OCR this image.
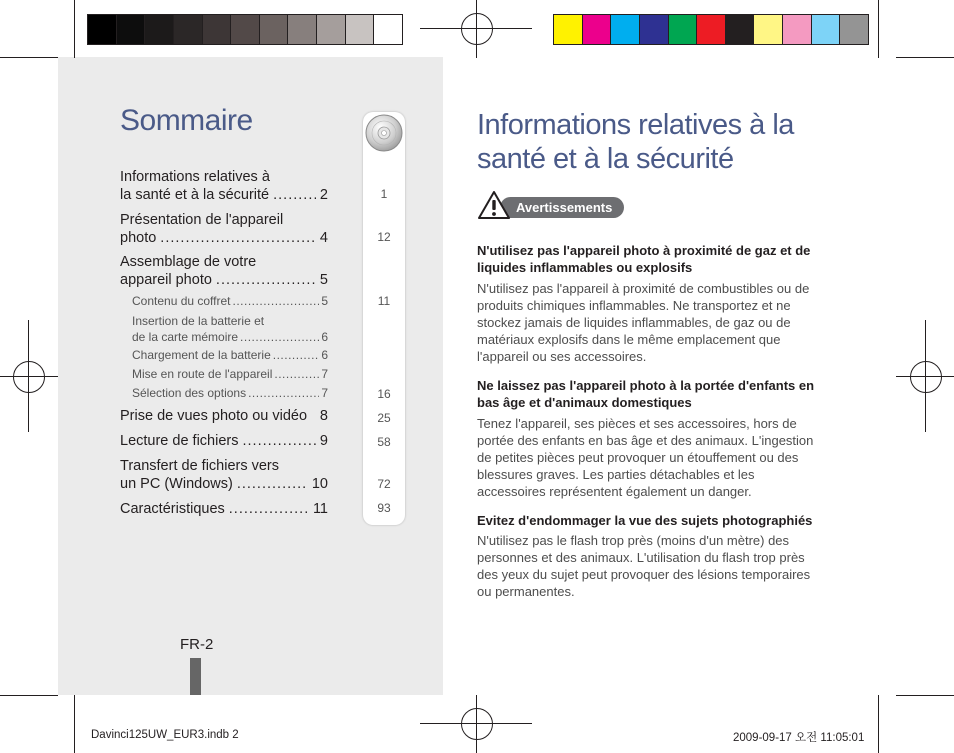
Sommaire
Informations relatives à
la santé et à la sécurité .....	2
Présentation de l'appareil
photo .....	4
Assemblage de votre
appareil photo .....	5
Contenu du coffret .....	5
Insertion de la batterie et
de la carte mémoire .....	6
Chargement de la batterie .....	6
Mise en route de l'appareil .....	7
Sélection des options .....	7
Prise de vues photo ou vidéo 8
Lecture de fichiers .....	9
Transfert de fichiers vers
un PC (Windows) .....	10
Caractéristiques .....	11
1
12
11
16
25
58
72
93
FR-2
Informations relatives à la santé et à la sécurité
Avertissements
N'utilisez pas l'appareil photo à proximité de gaz et de liquides inflammables ou explosifs
N'utilisez pas l'appareil à proximité de combustibles ou de produits chimiques inflammables. Ne transportez et ne stockez jamais de liquides inflammables, de gaz ou de matériaux explosifs dans le même emplacement que l'appareil ou ses accessoires.
Ne laissez pas l'appareil photo à la portée d'enfants en bas âge et d'animaux domestiques
Tenez l'appareil, ses pièces et ses accessoires, hors de portée des enfants en bas âge et des animaux. L'ingestion de petites pièces peut provoquer un étouffement ou des blessures graves. Les parties détachables et les accessoires représentent également un danger.
Evitez d'endommager la vue des sujets photographiés
N'utilisez pas le flash trop près (moins d'un mètre) des personnes et des animaux. L'utilisation du flash trop près des yeux du sujet peut provoquer des lésions temporaires ou permanentes.
Davinci125UW_EUR3.indb 2	2009-09-17 오전 11:05:01
